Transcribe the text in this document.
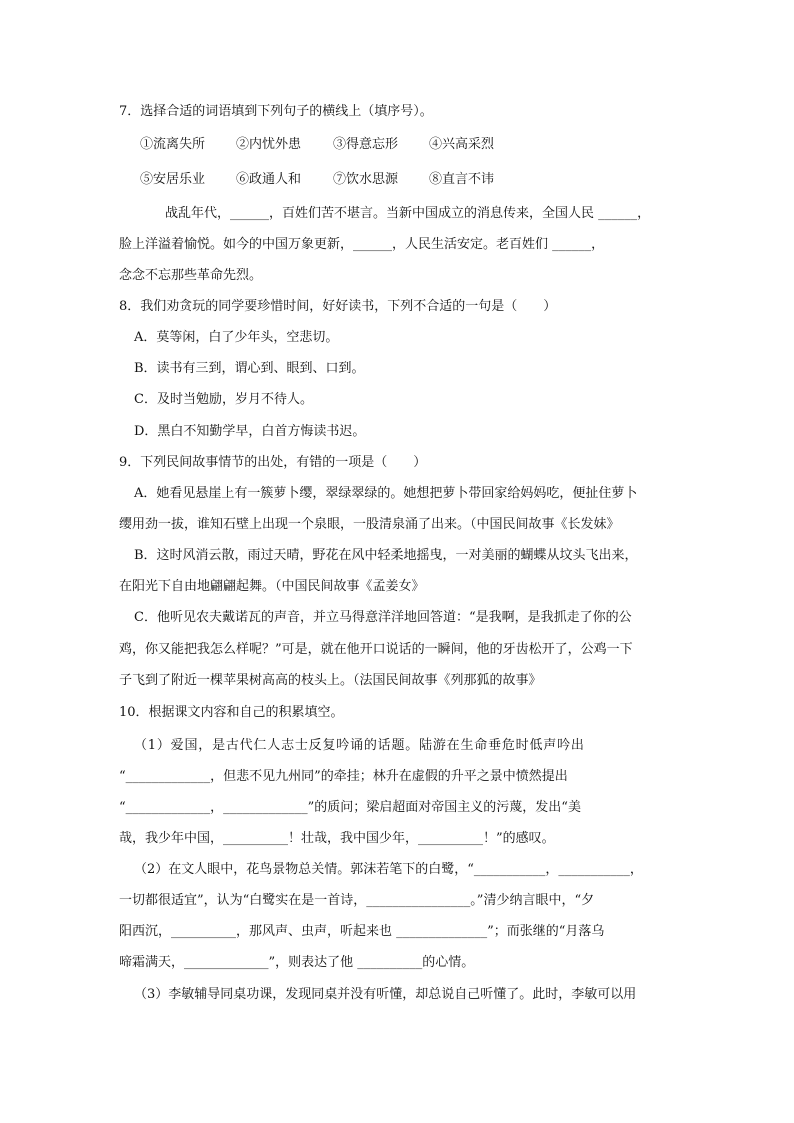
7．选择合适的词语填到下列句子的横线上（填序号）。
①流离失所 ②内忧外患 ③得意忘形 ④兴高采烈
⑤安居乐业 ⑥政通人和 ⑦饮水思源 ⑧直言不讳
战乱年代，______，百姓们苦不堪言。当新中国成立的消息传来，全国人民 ______，
脸上洋溢着愉悦。如今的中国万象更新，______，人民生活安定。老百姓们 ______，
念念不忘那些革命先烈。
8．我们劝贪玩的同学要珍惜时间，好好读书，下列不合适的一句是（　　）
A．莫等闲，白了少年头，空悲切。
B．读书有三到，谓心到、眼到、口到。
C．及时当勉励，岁月不待人。
D．黑白不知勤学早，白首方悔读书迟。
9．下列民间故事情节的出处，有错的一项是（　　）
A．她看见悬崖上有一簇萝卜缨，翠绿翠绿的。她想把萝卜带回家给妈妈吃，便扯住萝卜
缨用劲一拔，谁知石壁上出现一个泉眼，一股清泉涌了出来。（中国民间故事《长发妹》
B．这时风消云散，雨过天晴，野花在风中轻柔地摇曳，一对美丽的蝴蝶从坟头飞出来，
在阳光下自由地翩翩起舞。（中国民间故事《孟姜女》
C．他听见农夫戴诺瓦的声音，并立马得意洋洋地回答道：“是我啊，是我抓走了你的公
鸡，你又能把我怎么样呢？”可是，就在他开口说话的一瞬间，他的牙齿松开了，公鸡一下
子飞到了附近一棵苹果树高高的枝头上。（法国民间故事《列那狐的故事》
10．根据课文内容和自己的积累填空。
（1）爱国，是古代仁人志士反复吟诵的话题。陆游在生命垂危时低声吟出
“_____________，但悲不见九州同”的牵挂；林升在虚假的升平之景中愤然提出
“_____________，_____________”的质问；梁启超面对帝国主义的污蔑，发出“美
哉，我少年中国，__________！壮哉，我中国少年，__________！”的感叹。
（2）在文人眼中，花鸟景物总关情。郭沫若笔下的白鹭，“___________，___________，
一切都很适宜”，认为“白鹭实在是一首诗，________________。”清少纳言眼中，“夕
阳西沉，__________，那风声、虫声，听起来也 ______________”；而张继的“月落乌
啼霜满天，_____________”，则表达了他 __________的心情。
（3）李敏辅导同桌功课，发现同桌并没有听懂，却总说自己听懂了。此时，李敏可以用
